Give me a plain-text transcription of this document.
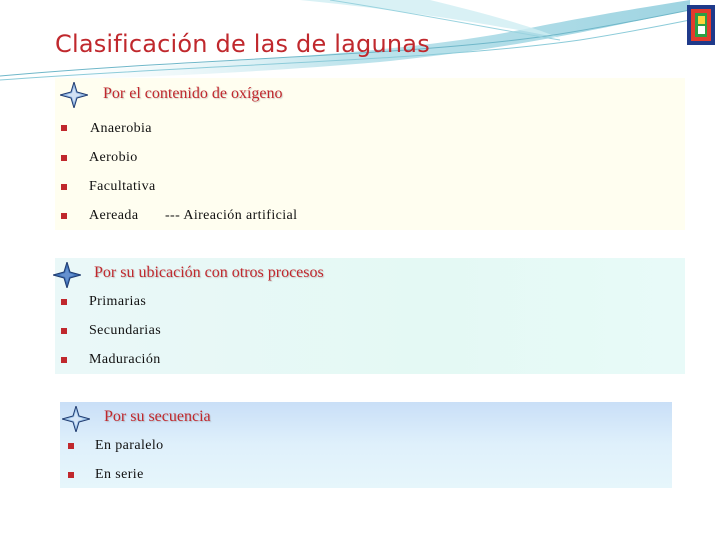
Clasificación de las de lagunas
Por el contenido de oxígeno
Anaerobia
Aerobio
Facultativa
Aereada --- Aireación artificial
Por su ubicación con otros procesos
Primarias
Secundarias
Maduración
Por su secuencia
En paralelo
En serie
